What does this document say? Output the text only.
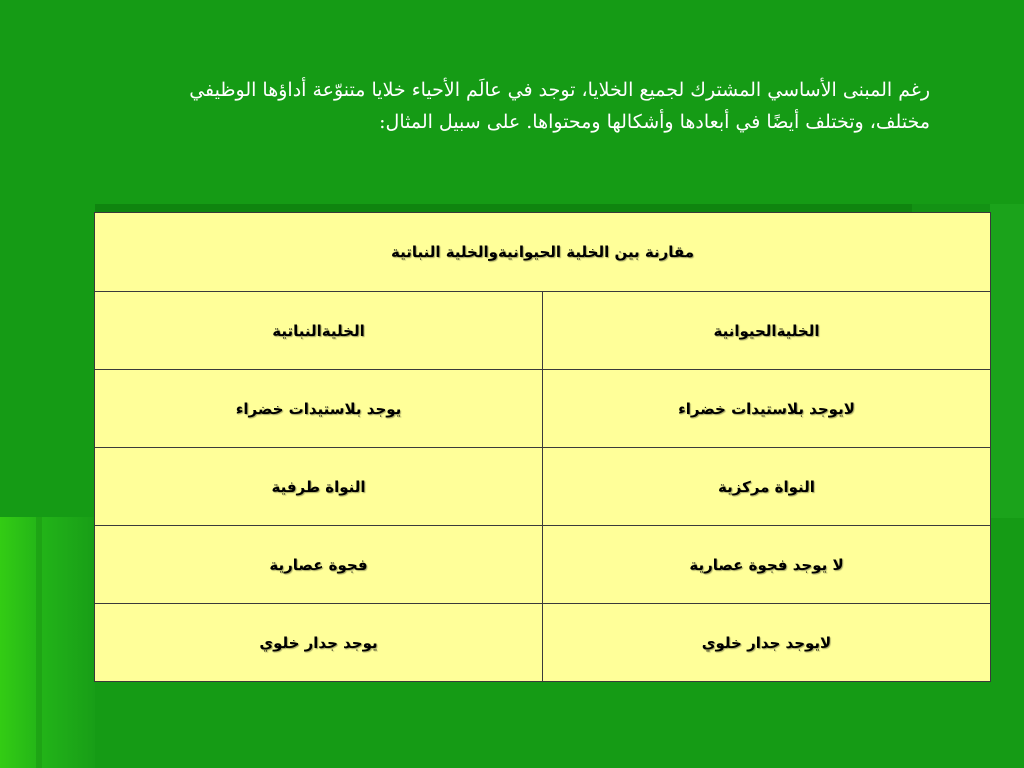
رغم المبنى الأساسي المشترك لجميع الخلايا، توجد في عالَم الأحياء خلايا متنوّعة أداؤها الوظيفي
مختلف، وتختلف أيضًا في أبعادها وأشكالها ومحتواها. على سبيل المثال:
مقارنة بين الخلية الحيوانيةوالخلية النباتية	
الخليةالحيوانية	الخليةالنباتية
لايوجد بلاستيدات خضراء	يوجد بلاستيدات خضراء
النواة مركزية	النواة طرفية
لا يوجد فجوة عصارية	فجوة عصارية
لايوجد جدار خلوي	يوجد جدار خلوي
